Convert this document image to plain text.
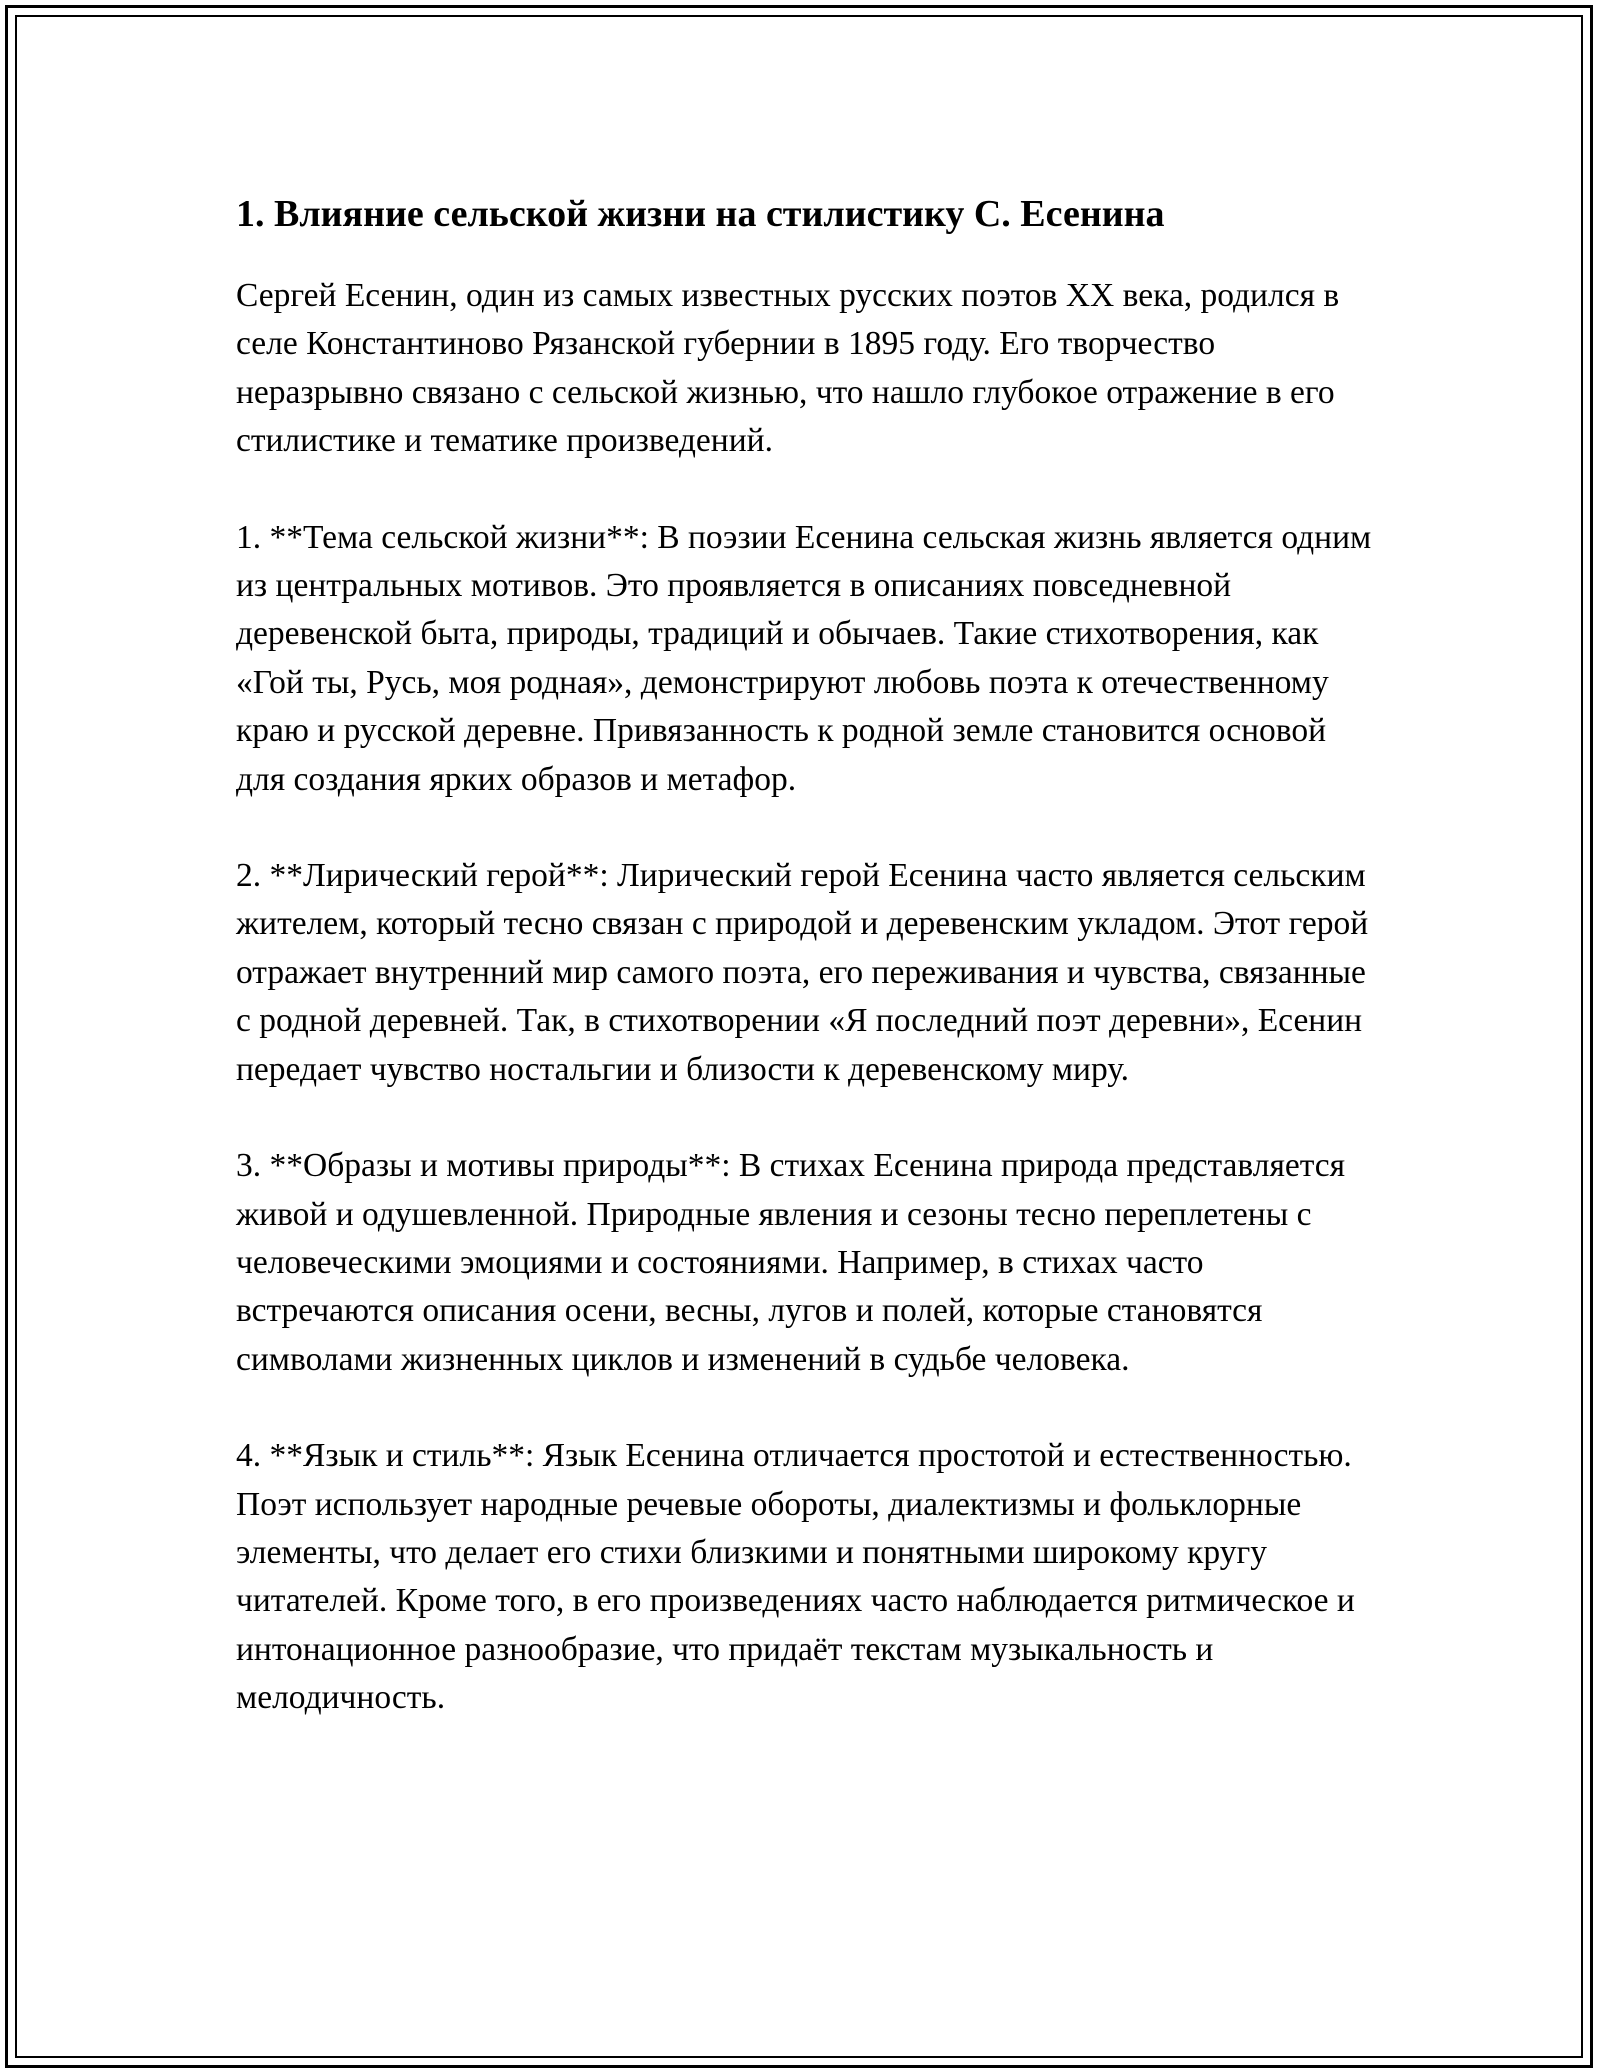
1. Влияние сельской жизни на стилистику С. Есенина

Сергей Есенин, один из самых известных русских поэтов XX века, родился в селе Константиново Рязанской губернии в 1895 году. Его творчество неразрывно связано с сельской жизнью, что нашло глубокое отражение в его стилистике и тематике произведений.

1. **Тема сельской жизни**: В поэзии Есенина сельская жизнь является одним из центральных мотивов. Это проявляется в описаниях повседневной деревенской быта, природы, традиций и обычаев. Такие стихотворения, как «Гой ты, Русь, моя родная», демонстрируют любовь поэта к отечественному краю и русской деревне. Привязанность к родной земле становится основой для создания ярких образов и метафор.

2. **Лирический герой**: Лирический герой Есенина часто является сельским жителем, который тесно связан с природой и деревенским укладом. Этот герой отражает внутренний мир самого поэта, его переживания и чувства, связанные с родной деревней. Так, в стихотворении «Я последний поэт деревни», Есенин передает чувство ностальгии и близости к деревенскому миру.

3. **Образы и мотивы природы**: В стихах Есенина природа представляется живой и одушевленной. Природные явления и сезоны тесно переплетены с человеческими эмоциями и состояниями. Например, в стихах часто встречаются описания осени, весны, лугов и полей, которые становятся символами жизненных циклов и изменений в судьбе человека.

4. **Язык и стиль**: Язык Есенина отличается простотой и естественностью. Поэт использует народные речевые обороты, диалектизмы и фольклорные элементы, что делает его стихи близкими и понятными широкому кругу читателей. Кроме того, в его произведениях часто наблюдается ритмическое и интонационное разнообразие, что придаёт текстам музыкальность и мелодичность.
